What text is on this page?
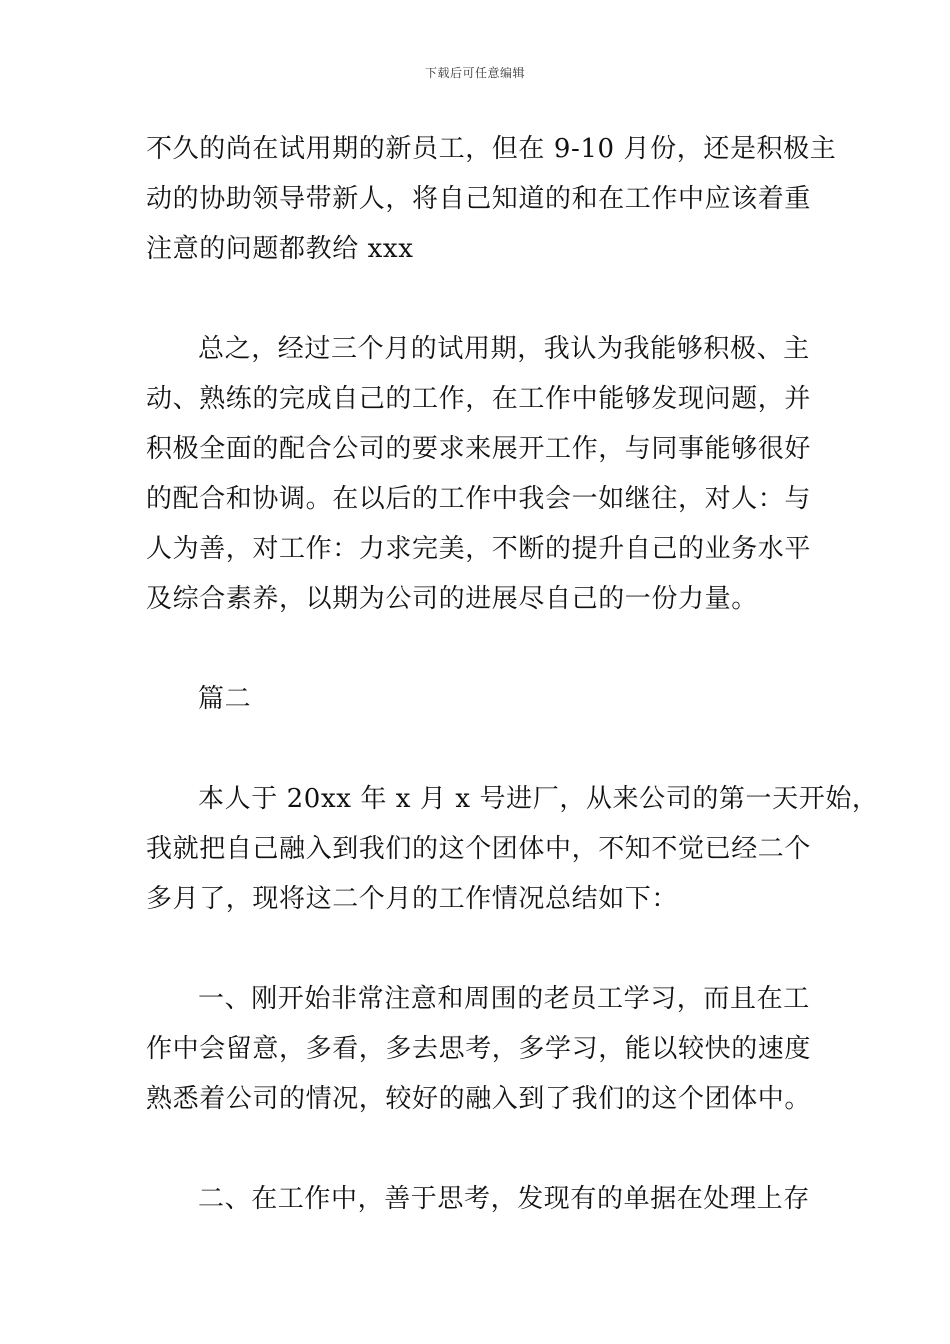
下载后可任意编辑
不久的尚在试用期的新员工，但在 9-10 月份，还是积极主
动的协助领导带新人，将自己知道的和在工作中应该着重
注意的问题都教给 xxx
总之，经过三个月的试用期，我认为我能够积极、主
动、熟练的完成自己的工作，在工作中能够发现问题，并
积极全面的配合公司的要求来展开工作，与同事能够很好
的配合和协调。在以后的工作中我会一如继往，对人：与
人为善，对工作：力求完美，不断的提升自己的业务水平
及综合素养，以期为公司的进展尽自己的一份力量。
篇二
本人于 20xx 年 x 月 x 号进厂，从来公司的第一天开始，
我就把自己融入到我们的这个团体中，不知不觉已经二个
多月了，现将这二个月的工作情况总结如下：
一、刚开始非常注意和周围的老员工学习，而且在工
作中会留意，多看，多去思考，多学习，能以较快的速度
熟悉着公司的情况，较好的融入到了我们的这个团体中。
二、在工作中，善于思考，发现有的单据在处理上存
